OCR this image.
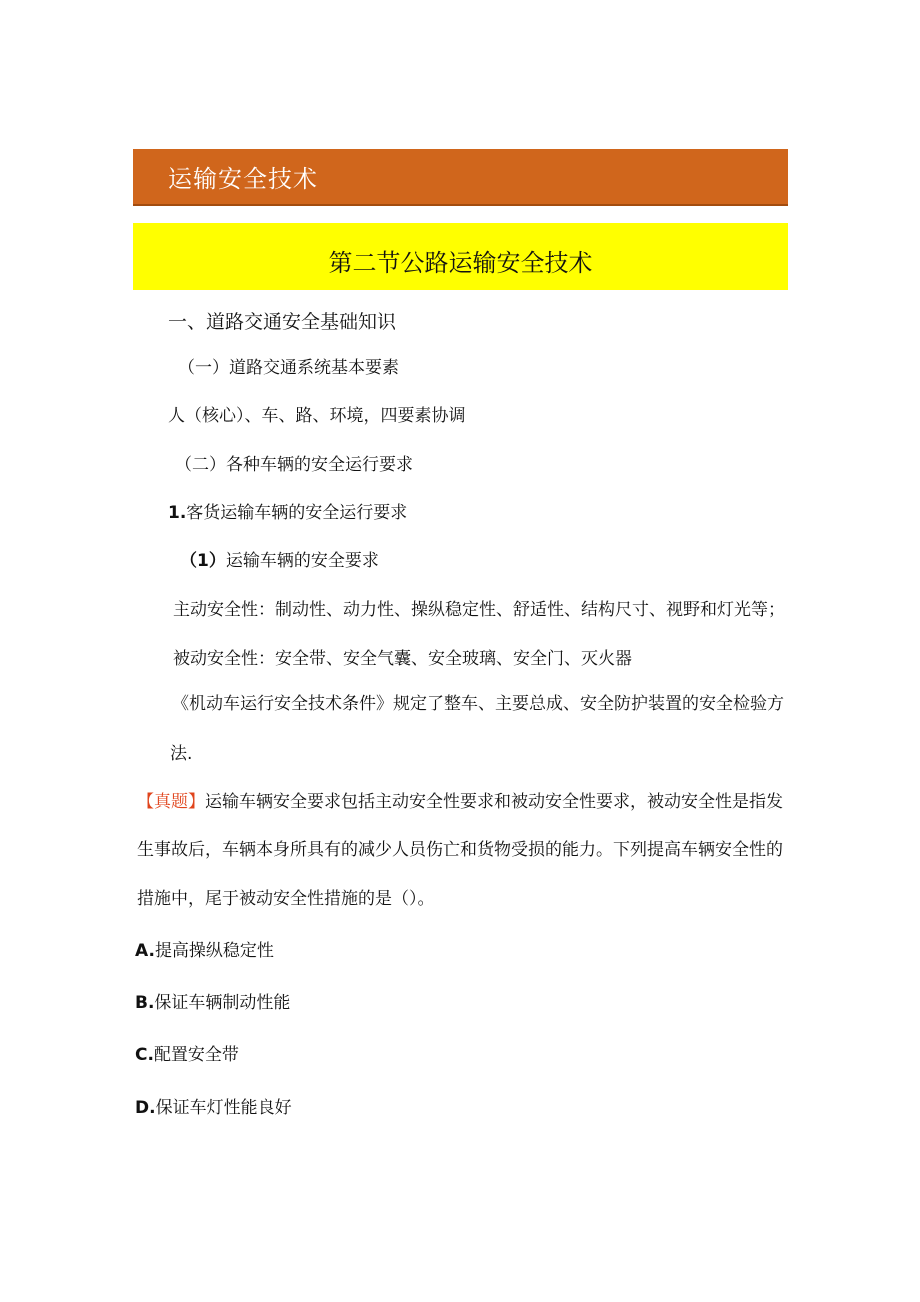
运输安全技术
第二节公路运输安全技术
一、道路交通安全基础知识
（一）道路交通系统基本要素
人（核心）、车、路、环境，四要素协调
（二）各种车辆的安全运行要求
1.客货运输车辆的安全运行要求
（1）运输车辆的安全要求
主动安全性：制动性、动力性、操纵稳定性、舒适性、结构尺寸、视野和灯光等；
被动安全性：安全带、安全气囊、安全玻璃、安全门、灭火器
《机动车运行安全技术条件》规定了整车、主要总成、安全防护装置的安全检验方
法.
【真题】运输车辆安全要求包括主动安全性要求和被动安全性要求，被动安全性是指发
生事故后，车辆本身所具有的减少人员伤亡和货物受损的能力。下列提高车辆安全性的
措施中，尾于被动安全性措施的是（）。
A.提高操纵稳定性
B.保证车辆制动性能
C.配置安全带
D.保证车灯性能良好
